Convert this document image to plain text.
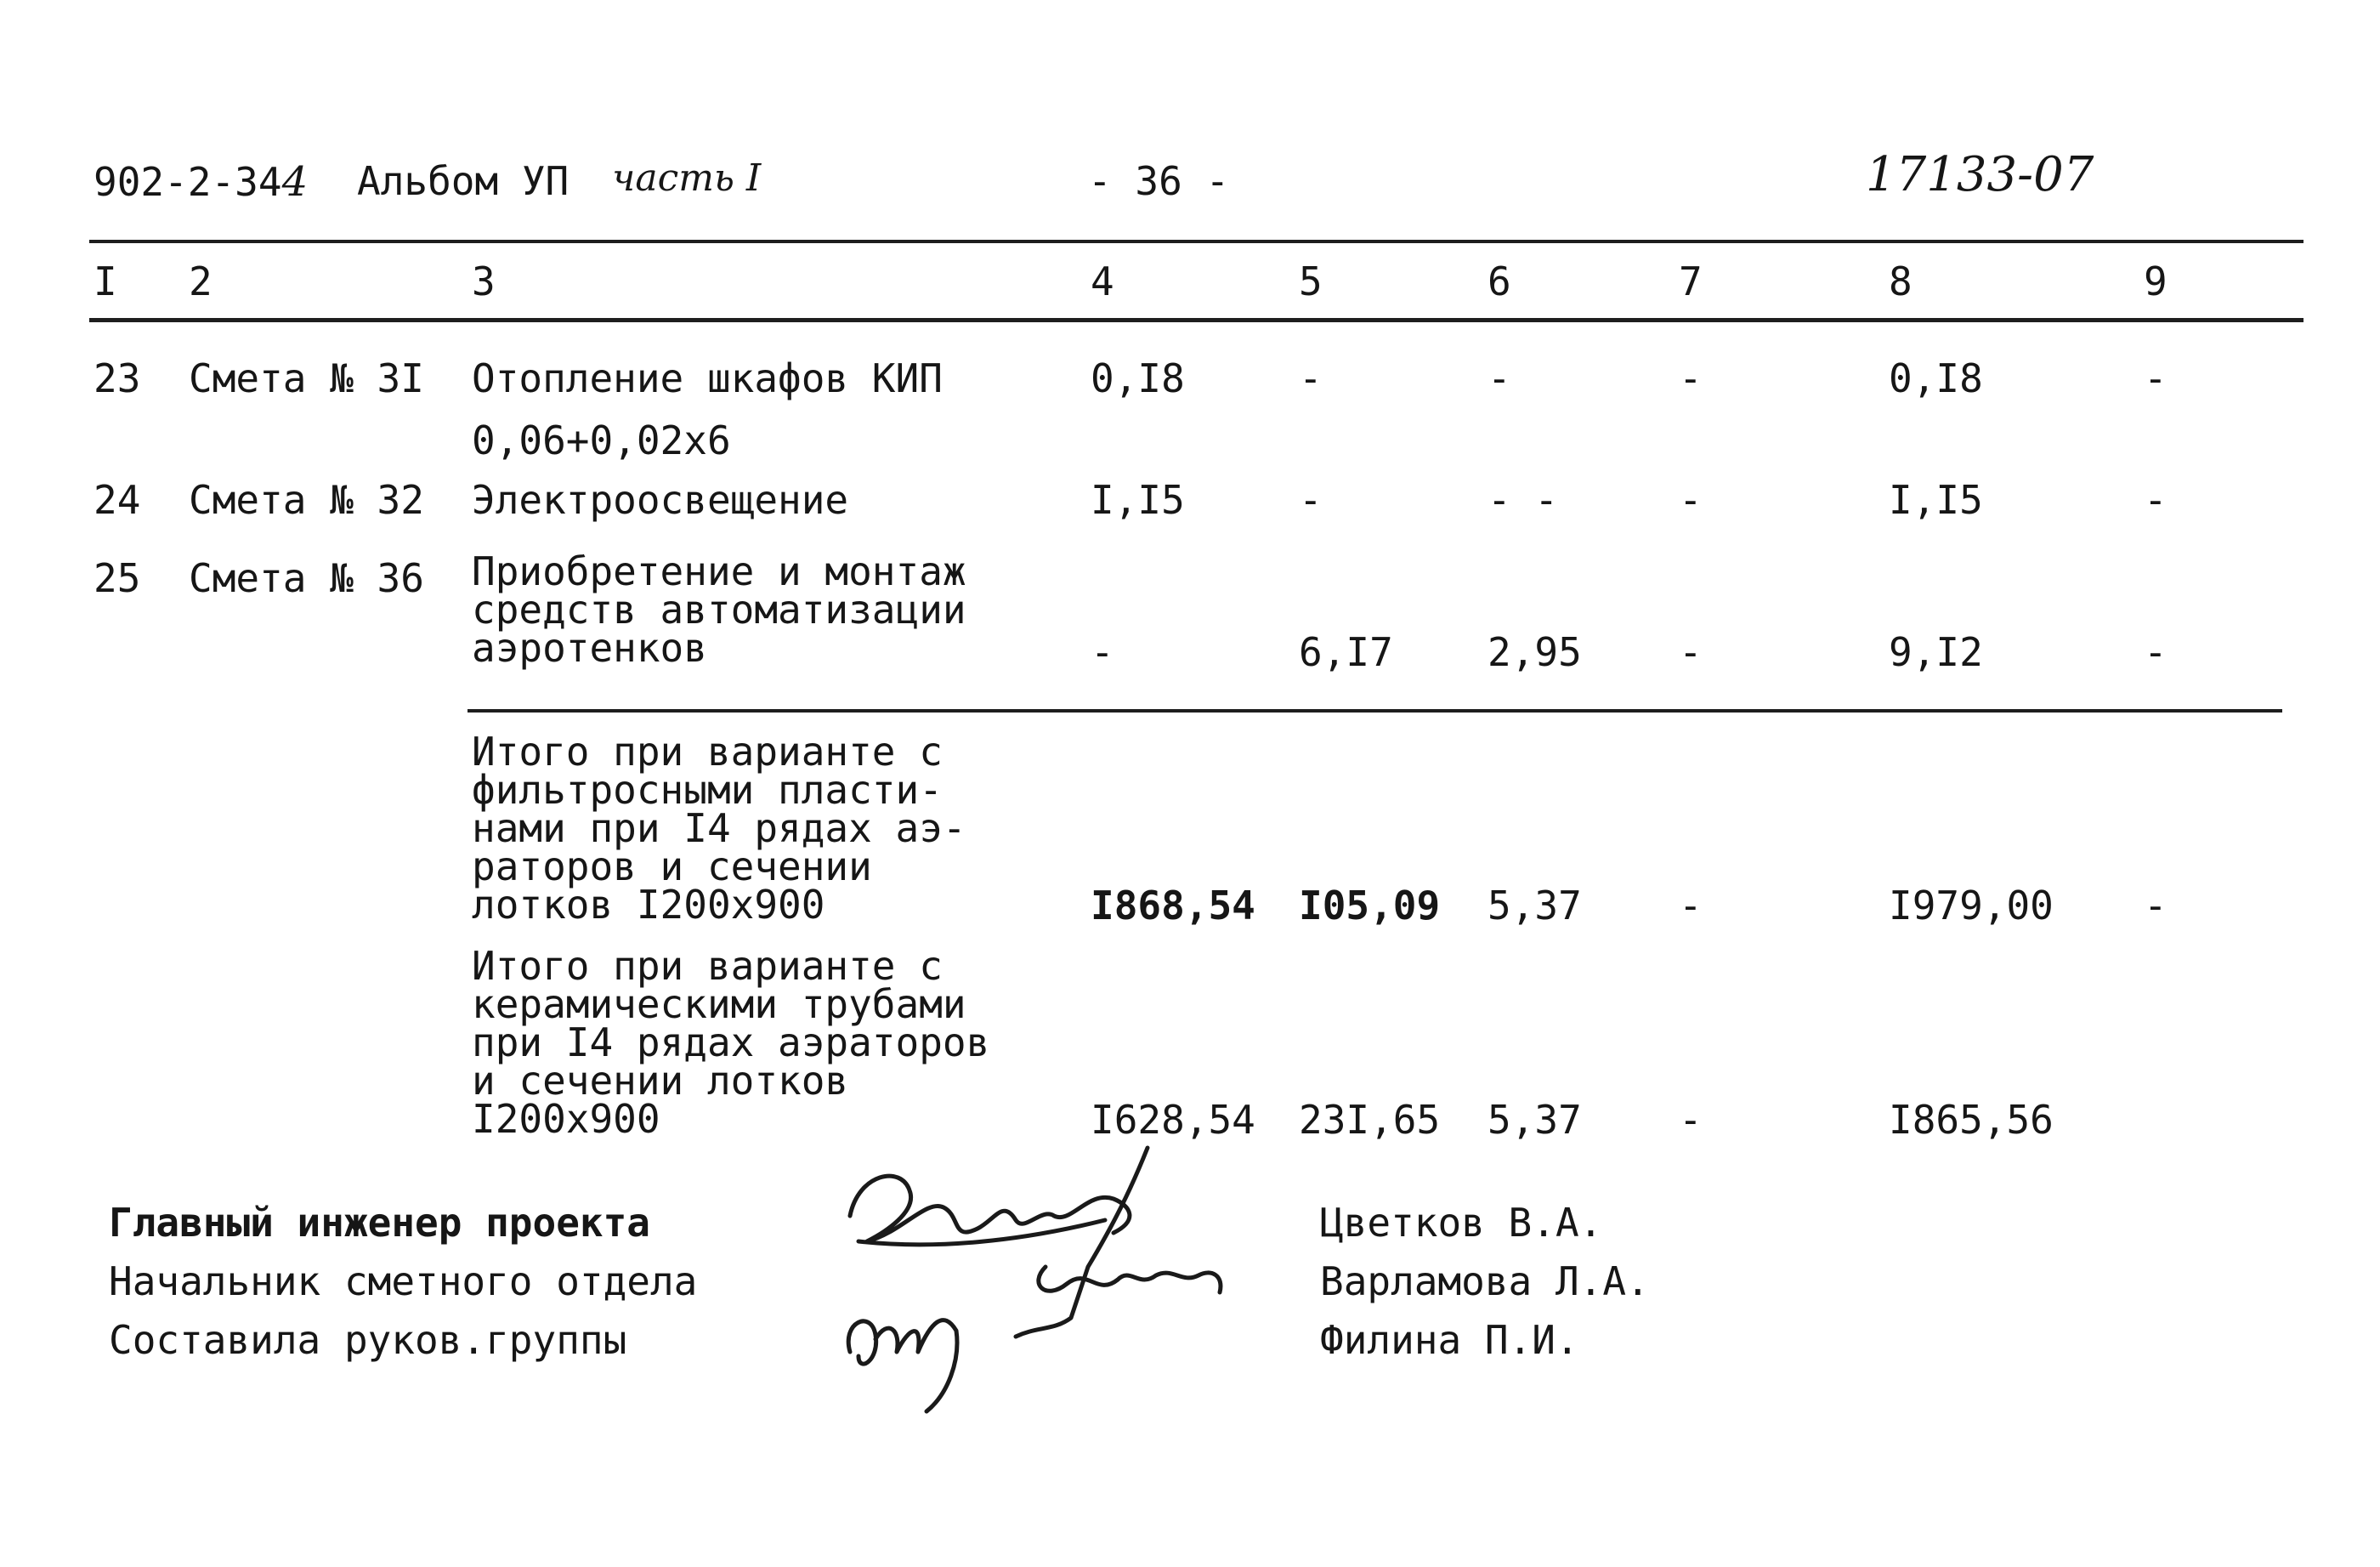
902-2-344 Альбом УП часть I	- 36 -	17133-07
I 2	3	4	5	6	7	8	9
23 Смета № 3I Отопление шкафов КИП
0,06+0,02х6
0,I8	-	-	-	0,I8	-
24 Смета № 32 Электроосвещение	I,I5	-	- -	-	I,I5	-
25 Смета № 36 Приобретение и монтаж
средств автоматизации
аэротенков	-	6,I7 2,95 -	9,I2	-
Итого при варианте с
фильтросными пласти-
нами при I4 рядах аэ-
раторов и сечении
лотков I200x900	I868,54 I05,09 5,37 -	I979,00 -
Итого при варианте с
керамическими трубами
при I4 рядах аэраторов
и сечении лотков
I200x900	I628,54 23I,65 5,37 -	I865,56
Главный инженер проекта
Начальник сметного отдела
Составила руков.группы
Цветков В.А.
Варламова Л.А.
Филина П.И.
